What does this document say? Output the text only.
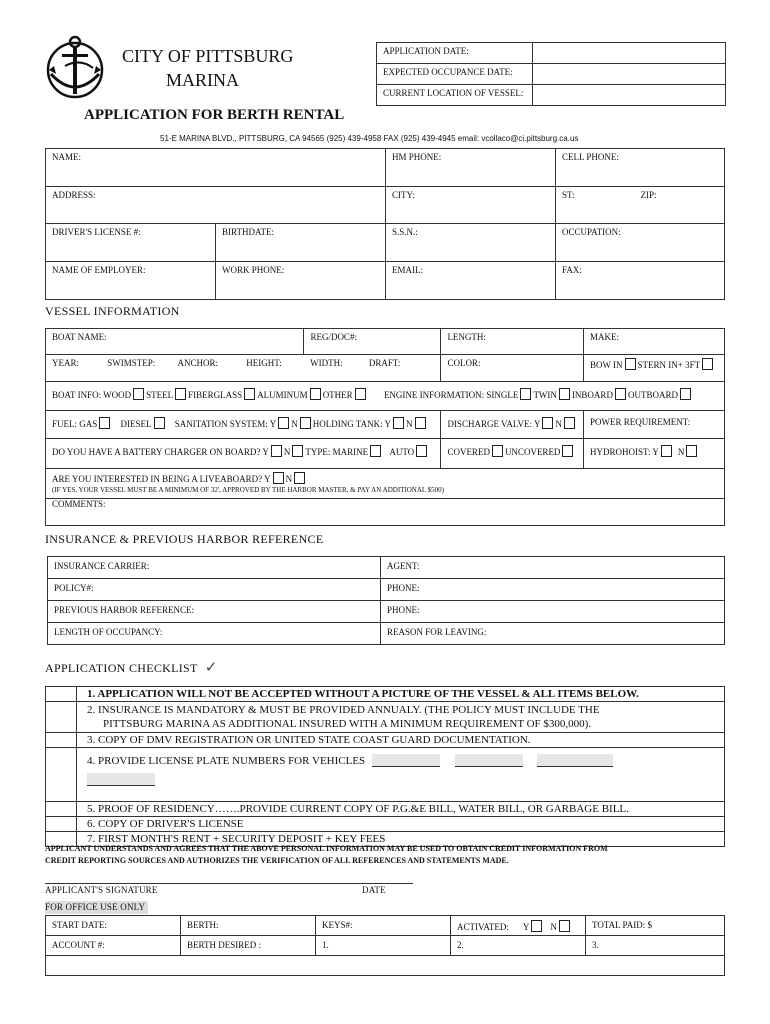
CITY OF PITTSBURG
MARINA
APPLICATION DATE:	
EXPECTED OCCUPANCE DATE:	
CURRENT LOCATION OF VESSEL:	
APPLICATION FOR BERTH RENTAL
51-E MARINA BLVD., PITTSBURG, CA 94565 (925) 439-4958 FAX (925) 439-4945 email: vcollaco@ci.pittsburg.ca.us
NAME:		HM PHONE:	CELL PHONE:
ADDRESS:		CITY:	ST: ZIP:
DRIVER'S LICENSE #:	BIRTHDATE:	S.S.N.:	OCCUPATION:
NAME OF EMPLOYER:	WORK PHONE:	EMAIL:	FAX:
VESSEL INFORMATION
BOAT NAME:	REG/DOC#:	LENGTH:	MAKE:
YEAR: SWIMSTEP: ANCHOR: HEIGHT: WIDTH: DRAFT:		COLOR:	BOW IN STERN IN+ 3FT
BOAT INFO: WOOD STEEL FIBERGLASS ALUMINUM OTHER ENGINE INFORMATION: SINGLE TWIN INBOARD OUTBOARD			
FUEL: GAS DIESEL SANITATION SYSTEM: Y N HOLDING TANK: Y N		DISCHARGE VALVE: Y N	POWER REQUIREMENT:
DO YOU HAVE A BATTERY CHARGER ON BOARD? Y N TYPE: MARINE AUTO		COVERED UNCOVERED	HYDROHOIST: Y N

ARE YOU INTERESTED IN BEING A LIVEABOARD? Y N
(IF YES, YOUR VESSEL MUST BE A MINIMUM OF 32', APPROVED BY THE HARBOR MASTER, & PAY AN ADDITIONAL $500)			

COMMENTS:			
INSURANCE & PREVIOUS HARBOR REFERENCE
INSURANCE CARRIER:	AGENT:
POLICY#:	PHONE:
PREVIOUS HARBOR REFERENCE:	PHONE:
LENGTH OF OCCUPANCY:	REASON FOR LEAVING:
APPLICATION CHECKLIST ✓
	1. APPLICATION WILL NOT BE ACCEPTED WITHOUT A PICTURE OF THE VESSEL & ALL ITEMS BELOW.

	2. INSURANCE IS MANDATORY & MUST BE PROVIDED ANNUALY. (THE POLICY MUST INCLUDE THE
PITTSBURG MARINA AS ADDITIONAL INSURED WITH A MINIMUM REQUIREMENT OF $300,000).

	3. COPY OF DMV REGISTRATION OR UNITED STATE COAST GUARD DOCUMENTATION.
	4. PROVIDE LICENSE PLATE NUMBERS FOR VEHICLES

	5. PROOF OF RESIDENCY…….PROVIDE CURRENT COPY OF P.G.&E BILL, WATER BILL, OR GARBAGE BILL.
	6. COPY OF DRIVER'S LICENSE
	7. FIRST MONTH'S RENT + SECURITY DEPOSIT + KEY FEES
APPLICANT UNDERSTANDS AND AGREES THAT THE ABOVE PERSONAL INFORMATION MAY BE USED TO OBTAIN CREDIT INFORMATION FROM
CREDIT REPORTING SOURCES AND AUTHORIZES THE VERIFICATION OF ALL REFERENCES AND STATEMENTS MADE.
APPLICANT'S SIGNATURE	DATE
FOR OFFICE USE ONLY
START DATE:	BERTH:	KEYS#:	ACTIVATED: Y N	TOTAL PAID: $
ACCOUNT #:	BERTH DESIRED :	1.	2.	3.
